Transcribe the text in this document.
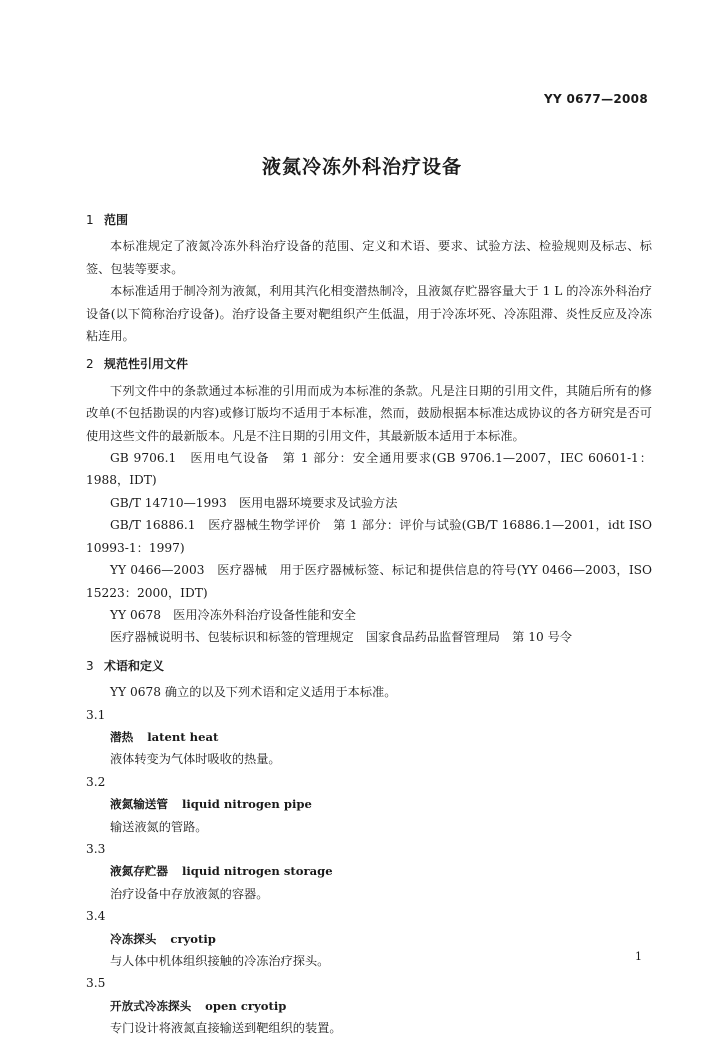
YY 0677—2008
液氮冷冻外科治疗设备
1 范围
本标准规定了液氮冷冻外科治疗设备的范围、定义和术语、要求、试验方法、检验规则及标志、标签、包装等要求。
本标准适用于制冷剂为液氮，利用其汽化相变潜热制冷，且液氮存贮器容量大于 1 L 的冷冻外科治疗设备(以下简称治疗设备)。治疗设备主要对靶组织产生低温，用于冷冻坏死、冷冻阻滞、炎性反应及冷冻粘连用。
2 规范性引用文件
下列文件中的条款通过本标准的引用而成为本标准的条款。凡是注日期的引用文件，其随后所有的修改单(不包括勘误的内容)或修订版均不适用于本标准，然而，鼓励根据本标准达成协议的各方研究是否可使用这些文件的最新版本。凡是不注日期的引用文件，其最新版本适用于本标准。
GB 9706.1　医用电气设备　第 1 部分：安全通用要求(GB 9706.1—2007，IEC 60601-1：1988，IDT)
GB/T 14710—1993　医用电器环境要求及试验方法
GB/T 16886.1　医疗器械生物学评价　第 1 部分：评价与试验(GB/T 16886.1—2001，idt ISO 10993-1：1997)
YY 0466—2003　医疗器械　用于医疗器械标签、标记和提供信息的符号(YY 0466—2003，ISO 15223：2000，IDT)
YY 0678　医用冷冻外科治疗设备性能和安全
医疗器械说明书、包装标识和标签的管理规定　国家食品药品监督管理局　第 10 号令
3 术语和定义
YY 0678 确立的以及下列术语和定义适用于本标准。
3.1
潜热 latent heat
液体转变为气体时吸收的热量。
3.2
液氮输送管 liquid nitrogen pipe
输送液氮的管路。
3.3
液氮存贮器 liquid nitrogen storage
治疗设备中存放液氮的容器。
3.4
冷冻探头 cryotip
与人体中机体组织接触的冷冻治疗探头。
3.5
开放式冷冻探头 open cryotip
专门设计将液氮直接输送到靶组织的装置。
1
